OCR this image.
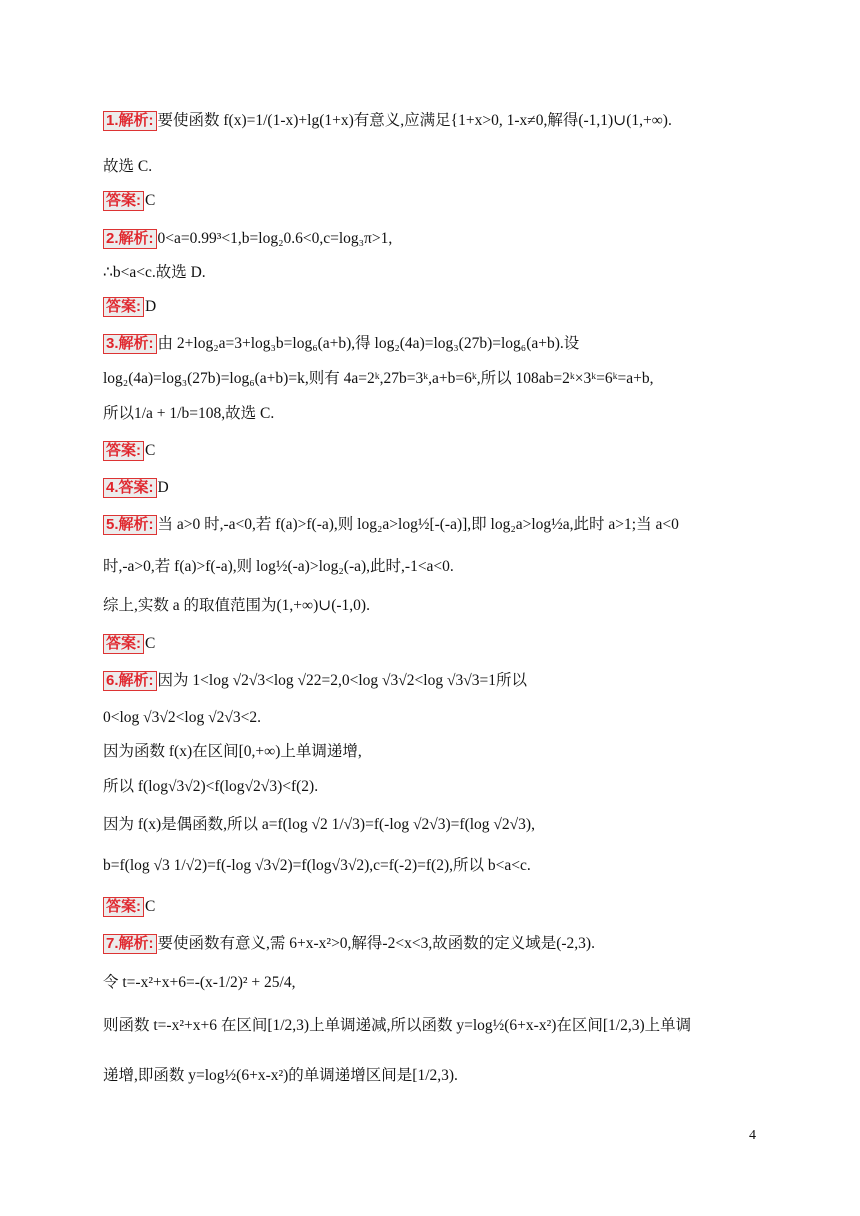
1.解析: 要使函数 f(x)=1/(1-x)+lg(1+x)有意义,应满足{1+x>0, 1-x≠0,解得(-1,1)∪(1,+∞).
故选 C.
答案: C
2.解析: 0<a=0.99³<1,b=log₂0.6<0,c=log₃π>1,
∴b<a<c.故选 D.
答案: D
3.解析: 由 2+log₂a=3+log₃b=log₆(a+b),得 log₂(4a)=log₃(27b)=log₆(a+b).设
log₂(4a)=log₃(27b)=log₆(a+b)=k,则有 4a=2ᵏ,27b=3ᵏ,a+b=6ᵏ,所以 108ab=2ᵏ×3ᵏ=6ᵏ=a+b,
所以1/a + 1/b=108,故选 C.
答案: C
4.答案: D
5.解析: 当 a>0 时,-a<0,若 f(a)>f(-a),则 log₂a>log½[-(-a)],即 log₂a>log½a,此时 a>1;当 a<0
时,-a>0,若 f(a)>f(-a),则 log½(-a)>log₂(-a),此时,-1<a<0.
综上,实数 a 的取值范围为(1,+∞)∪(-1,0).
答案: C
6.解析: 因为 1<log √2√3<log √22=2,0<log √3√2<log √3√3=1所以
0<log √3√2<log √2√3<2.
因为函数 f(x)在区间[0,+∞)上单调递增,
所以 f(log√3√2)<f(log√2√3)<f(2).
因为 f(x)是偶函数,所以 a=f(log √2 1/√3)=f(-log √2√3)=f(log √2√3),
b=f(log √3 1/√2)=f(-log √3√2)=f(log√3√2),c=f(-2)=f(2),所以 b<a<c.
答案: C
7.解析: 要使函数有意义,需 6+x-x²>0,解得-2<x<3,故函数的定义域是(-2,3).
令 t=-x²+x+6=-(x-1/2)² + 25/4,
则函数 t=-x²+x+6 在区间[1/2,3)上单调递减,所以函数 y=log½(6+x-x²)在区间[1/2,3)上单调
递增,即函数 y=log½(6+x-x²)的单调递增区间是[1/2,3).
4
